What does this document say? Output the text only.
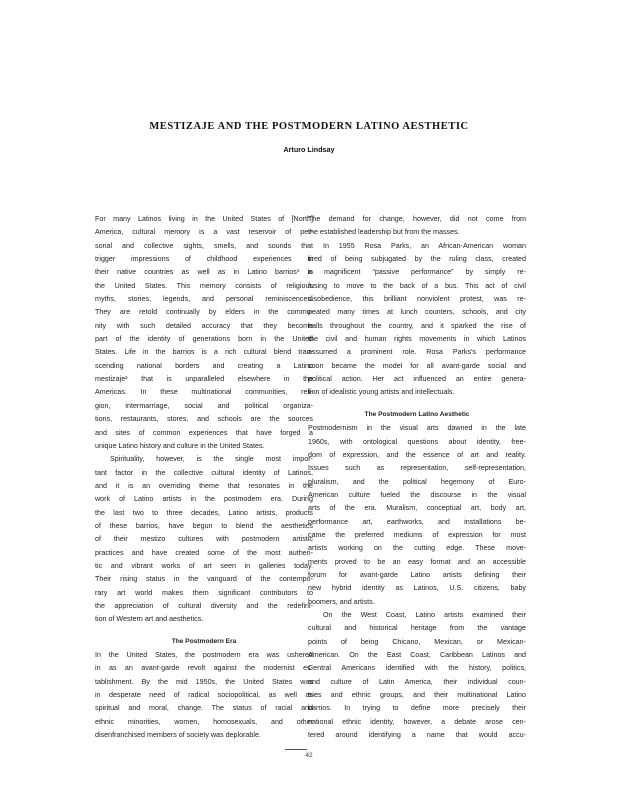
MESTIZAJE AND THE POSTMODERN LATINO AESTHETIC
Arturo Lindsay
For many Latinos living in the United States of [North]
America, cultural memory is a vast reservoir of per-
sonal and collective sights, smells, and sounds that
trigger impressions of childhood experiences in
their native countries as well as in Latino barrios¹ in
the United States. This memory consists of religious
myths, stories, legends, and personal reminiscences.
They are retold continually by elders in the commu-
nity with such detailed accuracy that they become
part of the identity of generations born in the United
States. Life in the barrios is a rich cultural blend tran-
scending national borders and creating a Latino
mestizaje² that is unparalleled elsewhere in the
Americas. In these multinational communities, reli-
gion, intermarriage, social and political organiza-
tions, restaurants, stores, and schools are the sources
and sites of common experiences that have forged a
unique Latino history and culture in the United States.
Spirituality, however, is the single most impor-
tant factor in the collective cultural identity of Latinos,
and it is an overriding theme that resonates in the
work of Latino artists in the postmodern era. During
the last two to three decades, Latino artists, products
of these barrios, have begun to blend the aesthetics
of their mestizo cultures with postmodern artistic
practices and have created some of the most authen-
tic and vibrant works of art seen in galleries today.
Their rising status in the vanguard of the contempo-
rary art world makes them significant contributors to
the appreciation of cultural diversity and the redefini-
tion of Western art and aesthetics.
The Postmodern Era
In the United States, the postmodern era was ushered
in as an avant-garde revolt against the modernist es-
tablishment. By the mid 1950s, the United States was
in desperate need of radical sociopolitical, as well as
spiritual and moral, change. The status of racial and
ethnic minorities, women, homosexuals, and other
disenfranchised members of society was deplorable.
The demand for change, however, did not come from
the established leadership but from the masses.
In 1955 Rosa Parks, an African-American woman
tired of being subjugated by the ruling class, created
a magnificent “passive performance” by simply re-
fusing to move to the back of a bus. This act of civil
disobedience, this brilliant nonviolent protest, was re-
peated many times at lunch counters, schools, and city
halls throughout the country, and it sparked the rise of
the civil and human rights movements in which Latinos
assumed a prominent role. Rosa Parks's performance
soon became the model for all avant-garde social and
political action. Her act influenced an entire genera-
tion of idealistic young artists and intellectuals.
The Postmodern Latino Aesthetic
Postmodernism in the visual arts dawned in the late
1960s, with ontological questions about identity, free-
dom of expression, and the essence of art and reality.
Issues such as representation, self-representation,
pluralism, and the political hegemony of Euro-
American culture fueled the discourse in the visual
arts of the era. Muralism, conceptual art, body art,
performance art, earthworks, and installations be-
came the preferred mediums of expression for most
artists working on the cutting edge. These move-
ments proved to be an easy format and an accessible
forum for avant-garde Latino artists defining their
new hybrid identity as Latinos, U.S. citizens, baby
boomers, and artists.
On the West Coast, Latino artists examined their
cultural and historical heritage from the vantage
points of being Chicano, Mexican, or Mexican-
American. On the East Coast, Caribbean Latinos and
Central Americans identified with the history, politics,
and culture of Latin America, their individual coun-
tries and ethnic groups, and their multinational Latino
barrios. In trying to define more precisely their
national ethnic identity, however, a debate arose cen-
tered around identifying a name that would accu-
42
